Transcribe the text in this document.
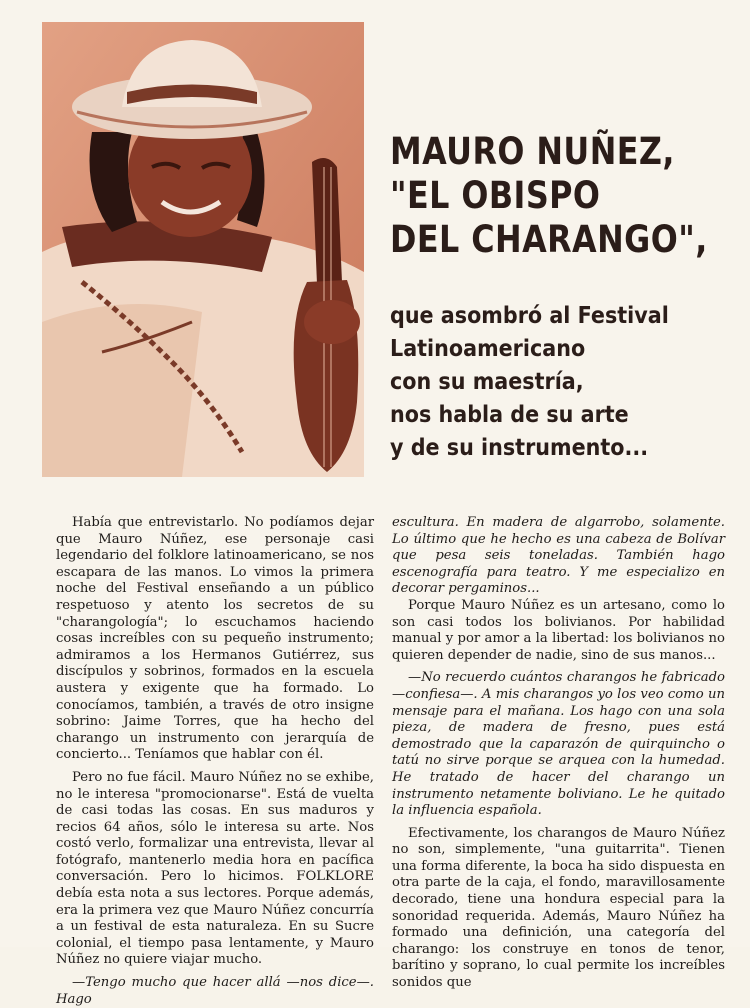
MAURO NUÑEZ,
"EL OBISPO
DEL CHARANGO",
que asombró al Festival
Latinoamericano
con su maestría,
nos habla de su arte
y de su instrumento...

Había que entrevistarlo. No podíamos dejar que Mauro Núñez, ese personaje casi legendario del folklore latinoamericano, se nos escapara de las manos. Lo vimos la primera noche del Festival enseñando a un público respetuoso y atento los secretos de su "charangología"; lo escuchamos haciendo cosas increíbles con su pequeño instrumento; admiramos a los Hermanos Gutiérrez, sus discípulos y sobrinos, formados en la escuela austera y exigente que ha formado. Lo conocíamos, también, a través de otro insigne sobrino: Jaime Torres, que ha hecho del charango un instrumento con jerarquía de concierto... Teníamos que hablar con él.

Pero no fue fácil. Mauro Núñez no se exhibe, no le interesa "promocionarse". Está de vuelta de casi todas las cosas. En sus maduros y recios 64 años, sólo le interesa su arte. Nos costó verlo, formalizar una entrevista, llevar al fotógrafo, mantenerlo media hora en pacífica conversación. Pero lo hicimos. FOLKLORE debía esta nota a sus lectores. Porque además, era la primera vez que Mauro Núñez concurría a un festival de esta naturaleza. En su Sucre colonial, el tiempo pasa lentamente, y Mauro Núñez no quiere viajar mucho.

—Tengo mucho que hacer allá —nos dice—. Hago

escultura. En madera de algarrobo, solamente. Lo último que he hecho es una cabeza de Bolívar que pesa seis toneladas. También hago escenografía para teatro. Y me especializo en decorar pergaminos...

Porque Mauro Núñez es un artesano, como lo son casi todos los bolivianos. Por habilidad manual y por amor a la libertad: los bolivianos no quieren depender de nadie, sino de sus manos...

—No recuerdo cuántos charangos he fabricado —confiesa—. A mis charangos yo los veo como un mensaje para el mañana. Los hago con una sola pieza, de madera de fresno, pues está demostrado que la caparazón de quirquincho o tatú no sirve porque se arquea con la humedad. He tratado de hacer del charango un instrumento netamente boliviano. Le he quitado la influencia española.

Efectivamente, los charangos de Mauro Núñez no son, simplemente, "una guitarrita". Tienen una forma diferente, la boca ha sido dispuesta en otra parte de la caja, el fondo, maravillosamente decorado, tiene una hondura especial para la sonoridad requerida. Además, Mauro Núñez ha formado una definición, una categoría del charango: los construye en tonos de tenor, barítino y soprano, lo cual permite los increíbles sonidos que
